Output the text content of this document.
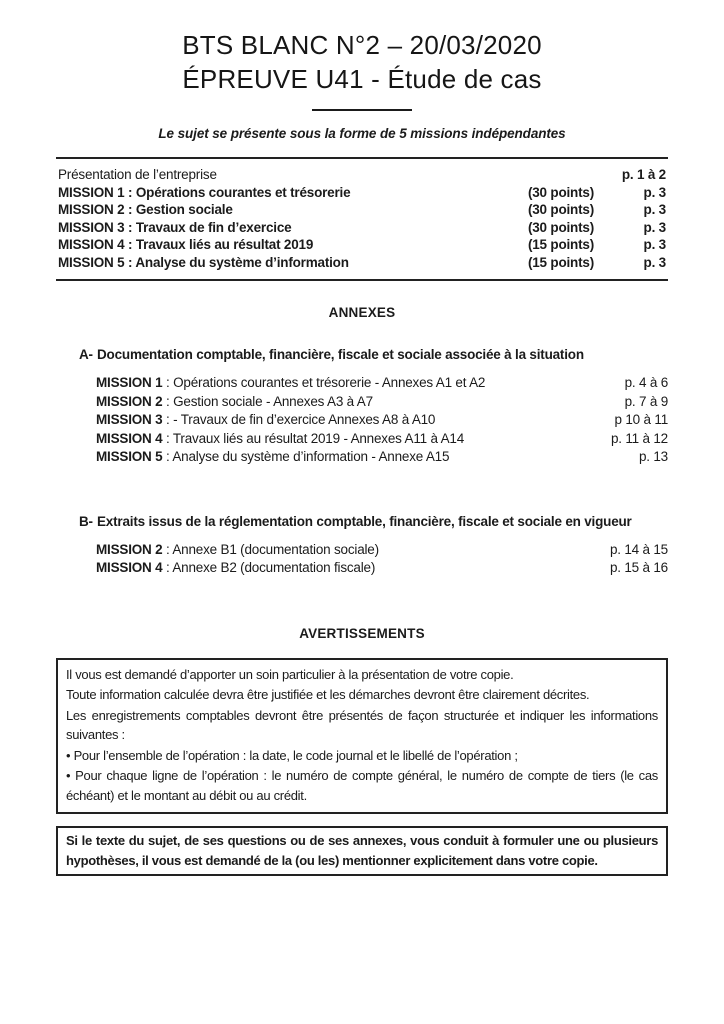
BTS BLANC N°2 – 20/03/2020
ÉPREUVE U41 - Étude de cas
Le sujet se présente sous la forme de 5 missions indépendantes
Présentation de l’entreprise	p. 1 à 2
MISSION 1 : Opérations courantes et trésorerie	(30 points)	p. 3
MISSION 2 : Gestion sociale	(30 points)	p. 3
MISSION 3 : Travaux de fin d’exercice	(30 points)	p. 3
MISSION 4 : Travaux liés au résultat 2019	(15 points)	p. 3
MISSION 5 : Analyse du système d’information	(15 points)	p. 3
ANNEXES
A- Documentation comptable, financière, fiscale et sociale associée à la situation
MISSION 1 : Opérations courantes et trésorerie - Annexes A1 et A2	p. 4 à 6
MISSION 2 : Gestion sociale - Annexes A3 à A7	p. 7 à 9
MISSION 3 : - Travaux de fin d’exercice Annexes A8 à A10	p 10 à 11
MISSION 4 : Travaux liés au résultat 2019 - Annexes A11 à A14	p. 11 à 12
MISSION 5 : Analyse du système d’information - Annexe A15	p. 13
B- Extraits issus de la réglementation comptable, financière, fiscale et sociale en vigueur
MISSION 2 : Annexe B1 (documentation sociale)	p. 14 à 15
MISSION 4 : Annexe B2 (documentation fiscale)	p. 15 à 16
AVERTISSEMENTS

Il vous est demandé d’apporter un soin particulier à la présentation de votre copie.

Toute information calculée devra être justifiée et les démarches devront être clairement décrites.

Les enregistrements comptables devront être présentés de façon structurée et indiquer les informations suivantes :

• Pour l’ensemble de l’opération : la date, le code journal et le libellé de l’opération ;

• Pour chaque ligne de l’opération : le numéro de compte général, le numéro de compte de tiers (le cas échéant) et le montant au débit ou au crédit.

Si le texte du sujet, de ses questions ou de ses annexes, vous conduit à formuler une ou plusieurs hypothèses, il vous est demandé de la (ou les) mentionner explicitement dans votre copie.
